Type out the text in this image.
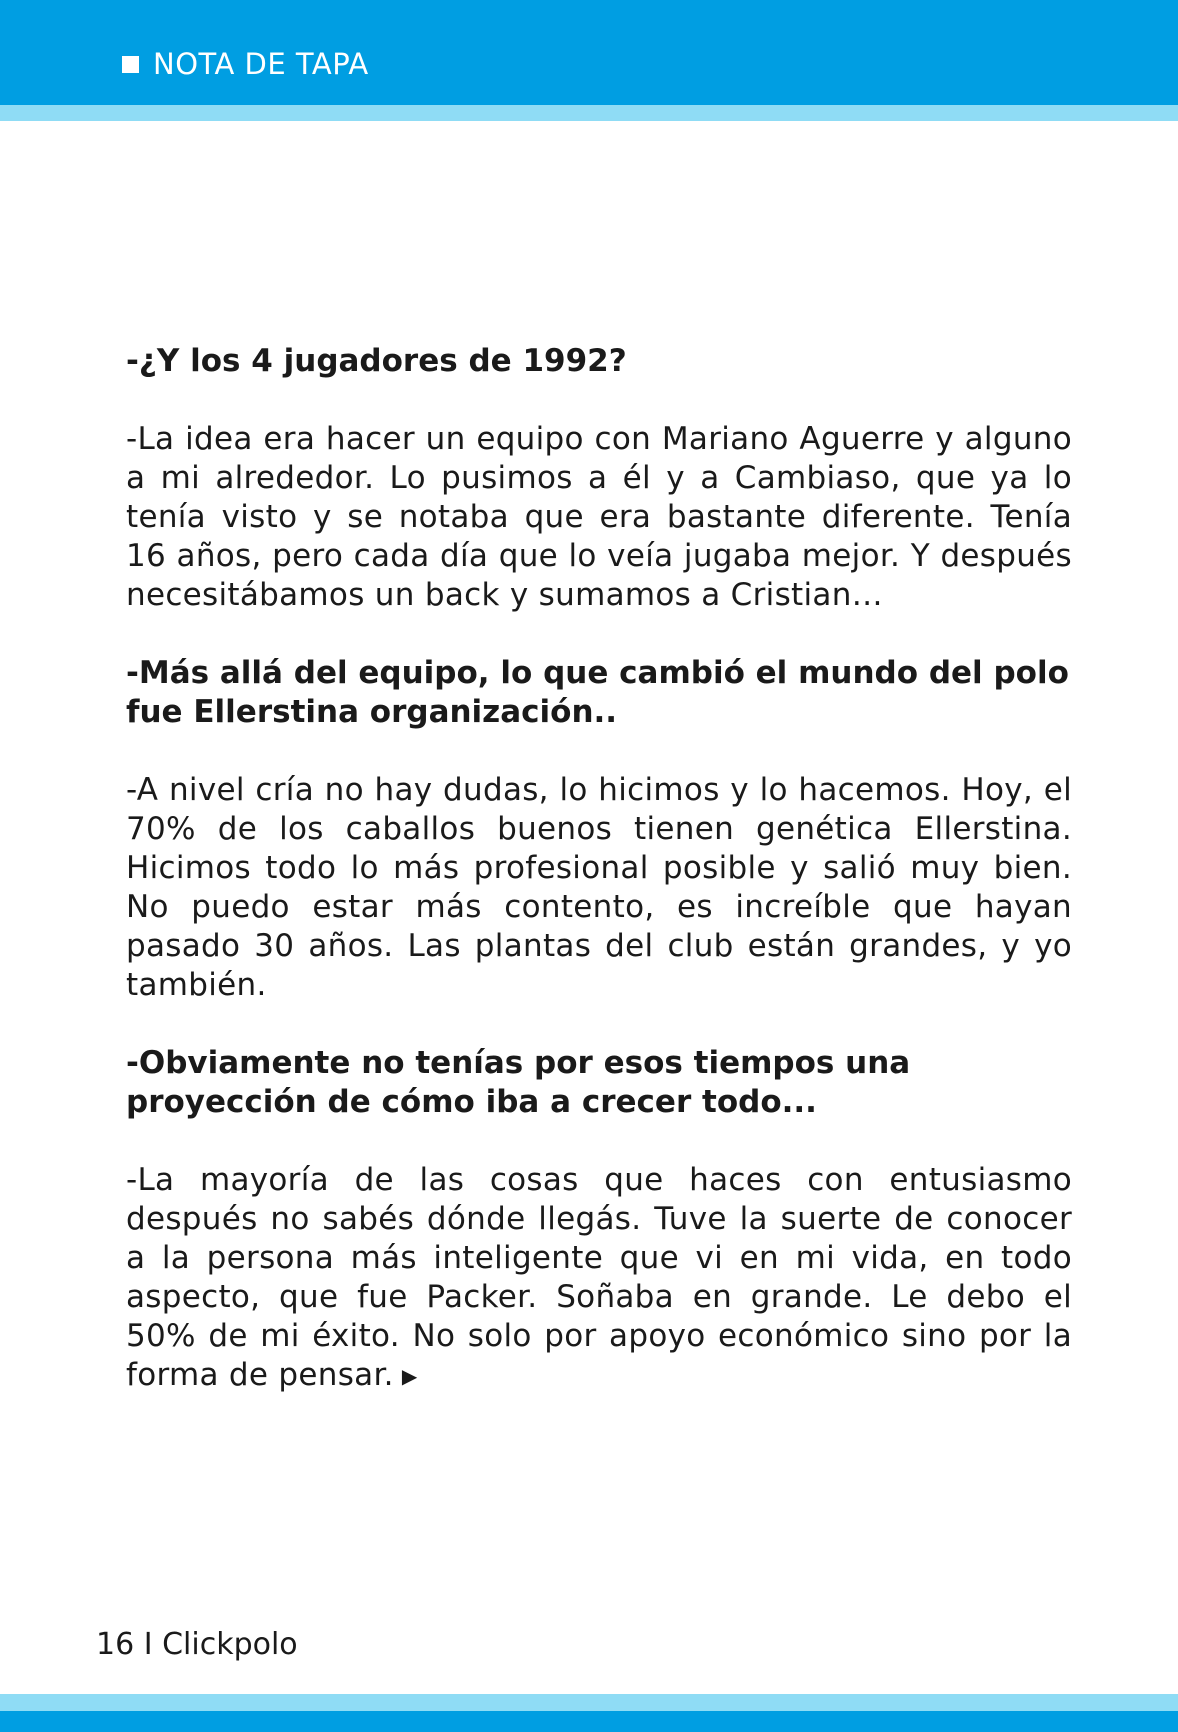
NOTA DE TAPA

-¿Y los 4 jugadores de 1992?

-La idea era hacer un equipo con Mariano Aguerre y alguno a mi alrededor. Lo pusimos a él y a Cambiaso, que ya lo tenía visto y se notaba que era bastante diferente. Tenía 16 años, pero cada día que lo veía jugaba mejor. Y después necesitábamos un back y sumamos a Cristian…

-Más allá del equipo, lo que cambió el mundo del polo fue Ellerstina organización..

-A nivel cría no hay dudas, lo hicimos y lo hacemos. Hoy, el 70% de los caballos buenos tienen genética Ellerstina. Hicimos todo lo más profesional posible y salió muy bien. No puedo estar más contento, es increíble que hayan pasado 30 años. Las plantas del club están grandes, y yo también.

-Obviamente no tenías por esos tiempos una proyección de cómo iba a crecer todo...

-La mayoría de las cosas que haces con entusiasmo después no sabés dónde llegás. Tuve la suerte de conocer a la persona más inteligente que vi en mi vida, en todo aspecto, que fue Packer. Soñaba en grande. Le debo el 50% de mi éxito. No solo por apoyo económico sino por la forma de pensar. ▶

16 I Clickpolo
